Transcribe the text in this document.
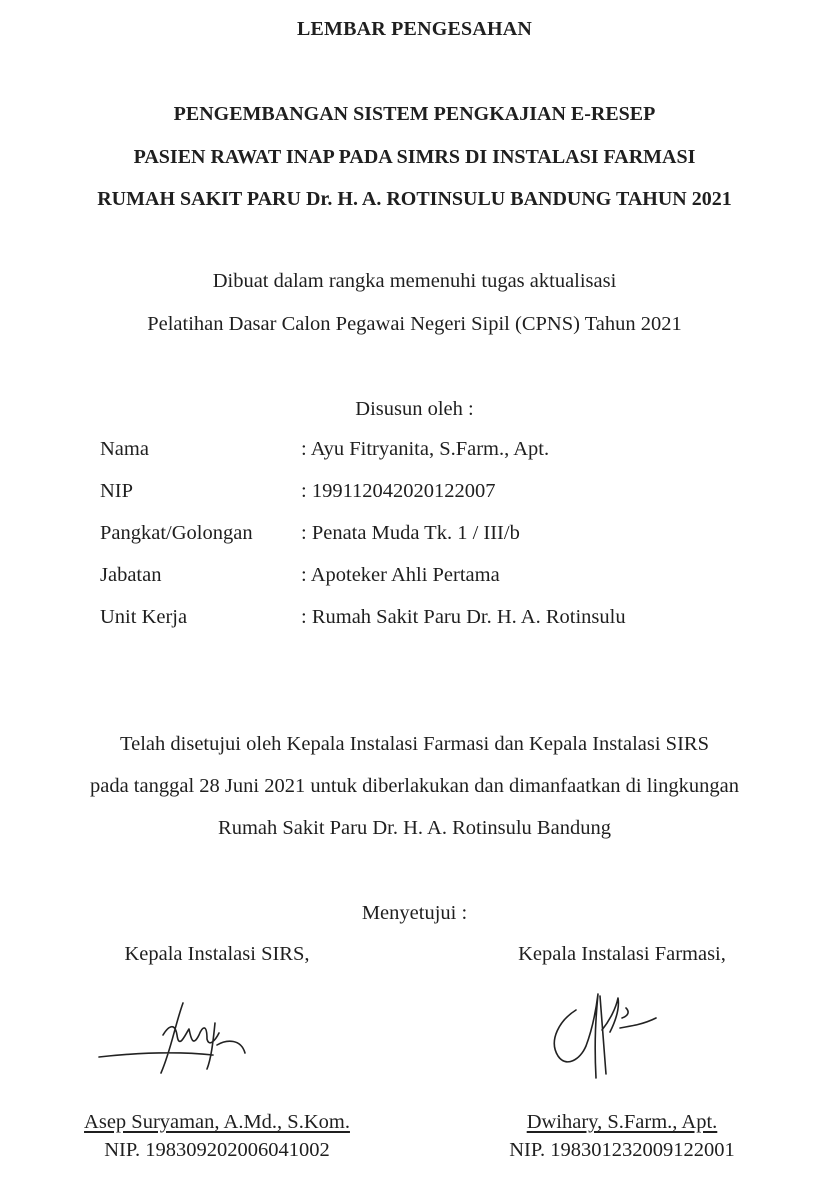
LEMBAR PENGESAHAN
PENGEMBANGAN SISTEM PENGKAJIAN E-RESEP
PASIEN RAWAT INAP PADA SIMRS DI INSTALASI FARMASI
RUMAH SAKIT PARU Dr. H. A. ROTINSULU BANDUNG TAHUN 2021
Dibuat dalam rangka memenuhi tugas aktualisasi
Pelatihan Dasar Calon Pegawai Negeri Sipil (CPNS) Tahun 2021
Disusun oleh :
Nama	: Ayu Fitryanita, S.Farm., Apt.
NIP	: 199112042020122007
Pangkat/Golongan : Penata Muda Tk. 1 / III/b
Jabatan	: Apoteker Ahli Pertama
Unit Kerja	: Rumah Sakit Paru Dr. H. A. Rotinsulu
Telah disetujui oleh Kepala Instalasi Farmasi dan Kepala Instalasi SIRS
pada tanggal 28 Juni 2021 untuk diberlakukan dan dimanfaatkan di lingkungan
Rumah Sakit Paru Dr. H. A. Rotinsulu Bandung
Menyetujui :
Kepala Instalasi SIRS,
Asep Suryaman, A.Md., S.Kom.
NIP. 198309202006041002
Kepala Instalasi Farmasi,
Dwihary, S.Farm., Apt.
NIP. 198301232009122001
